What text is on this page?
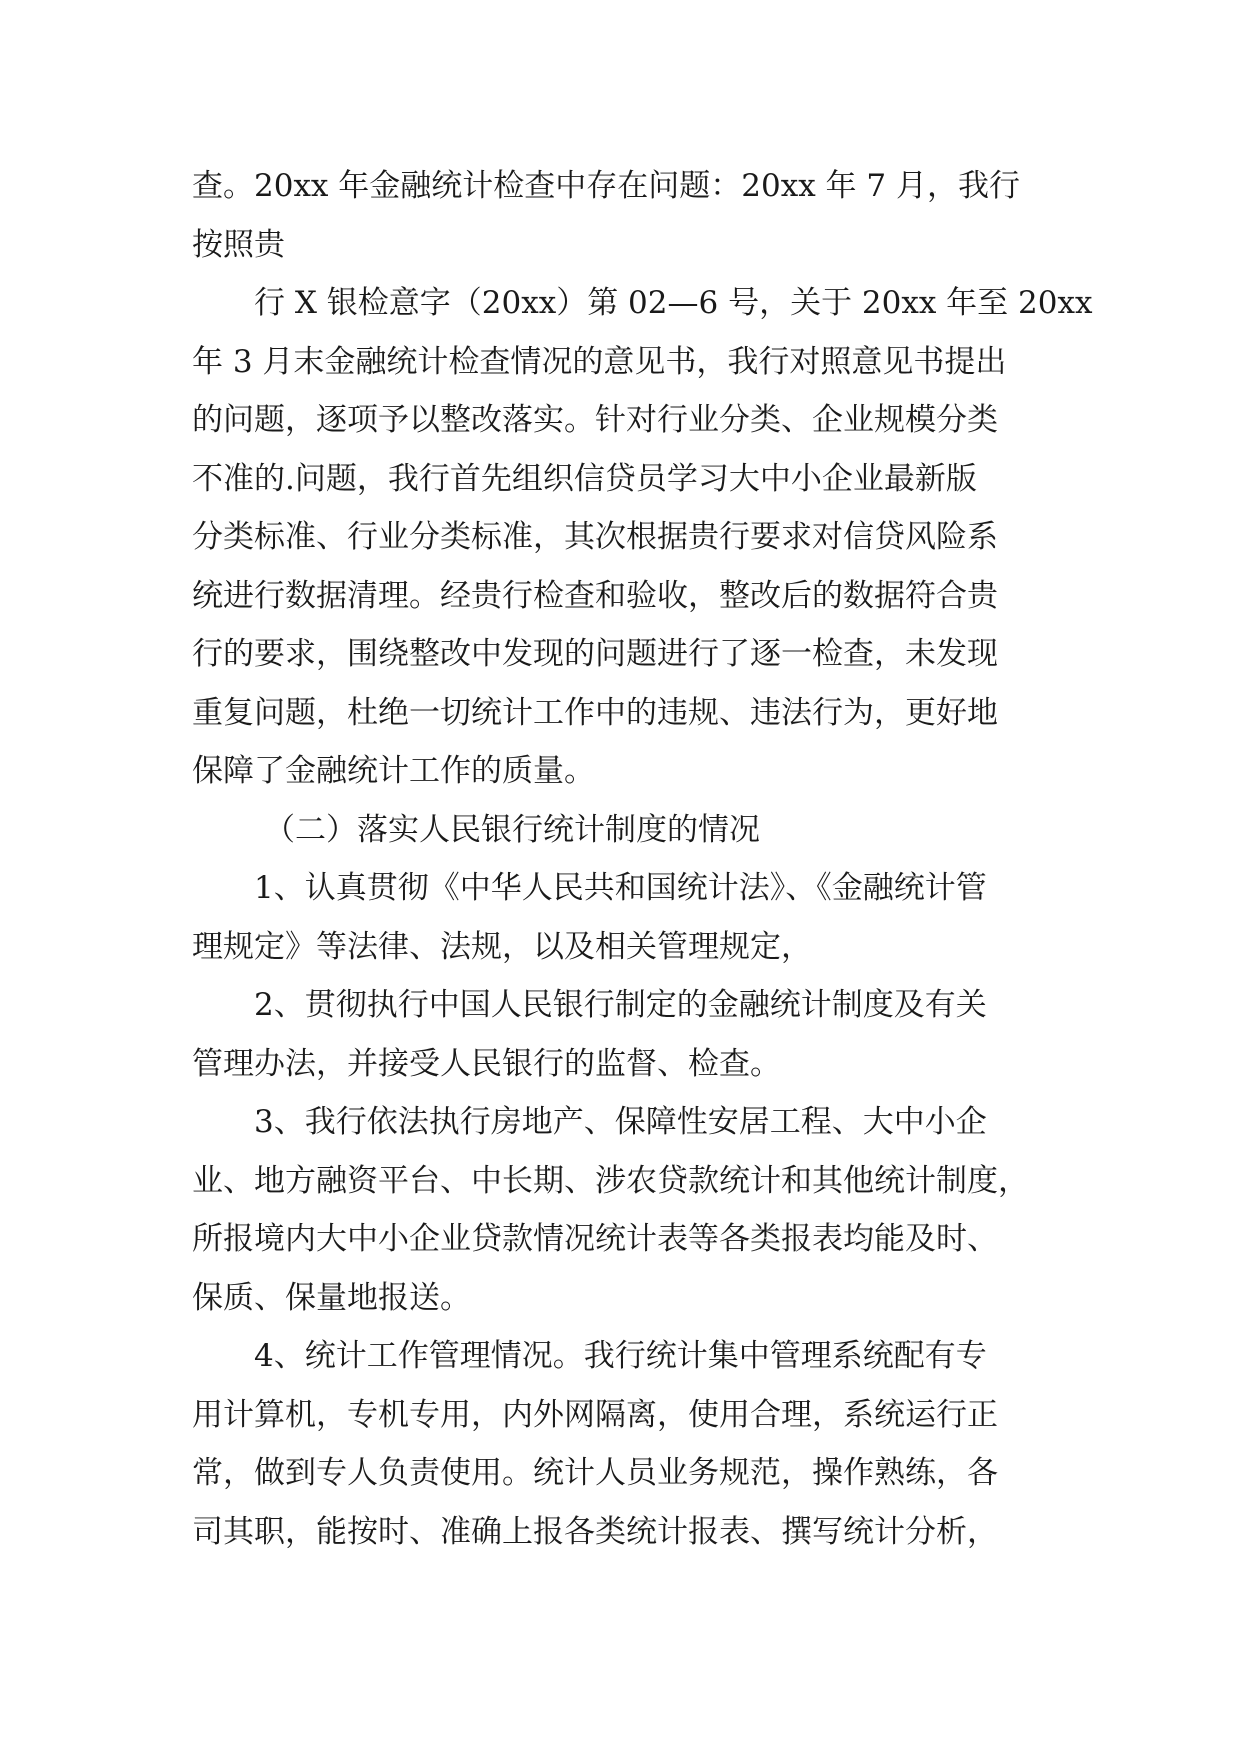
查。20xx 年金融统计检查中存在问题：20xx 年 7 月，我行
按照贵
行 X 银检意字（20xx）第 02—6 号，关于 20xx 年至 20xx
年 3 月末金融统计检查情况的意见书，我行对照意见书提出
的问题，逐项予以整改落实。针对行业分类、企业规模分类
不准的.问题，我行首先组织信贷员学习大中小企业最新版
分类标准、行业分类标准，其次根据贵行要求对信贷风险系
统进行数据清理。经贵行检查和验收，整改后的数据符合贵
行的要求，围绕整改中发现的问题进行了逐一检查，未发现
重复问题，杜绝一切统计工作中的违规、违法行为，更好地
保障了金融统计工作的质量。
（二）落实人民银行统计制度的情况
1、认真贯彻《中华人民共和国统计法》、《金融统计管
理规定》等法律、法规，以及相关管理规定，
2、贯彻执行中国人民银行制定的金融统计制度及有关
管理办法，并接受人民银行的监督、检查。
3、我行依法执行房地产、保障性安居工程、大中小企
业、地方融资平台、中长期、涉农贷款统计和其他统计制度，
所报境内大中小企业贷款情况统计表等各类报表均能及时、
保质、保量地报送。
4、统计工作管理情况。我行统计集中管理系统配有专
用计算机，专机专用，内外网隔离，使用合理，系统运行正
常，做到专人负责使用。统计人员业务规范，操作熟练，各
司其职，能按时、准确上报各类统计报表、撰写统计分析，
